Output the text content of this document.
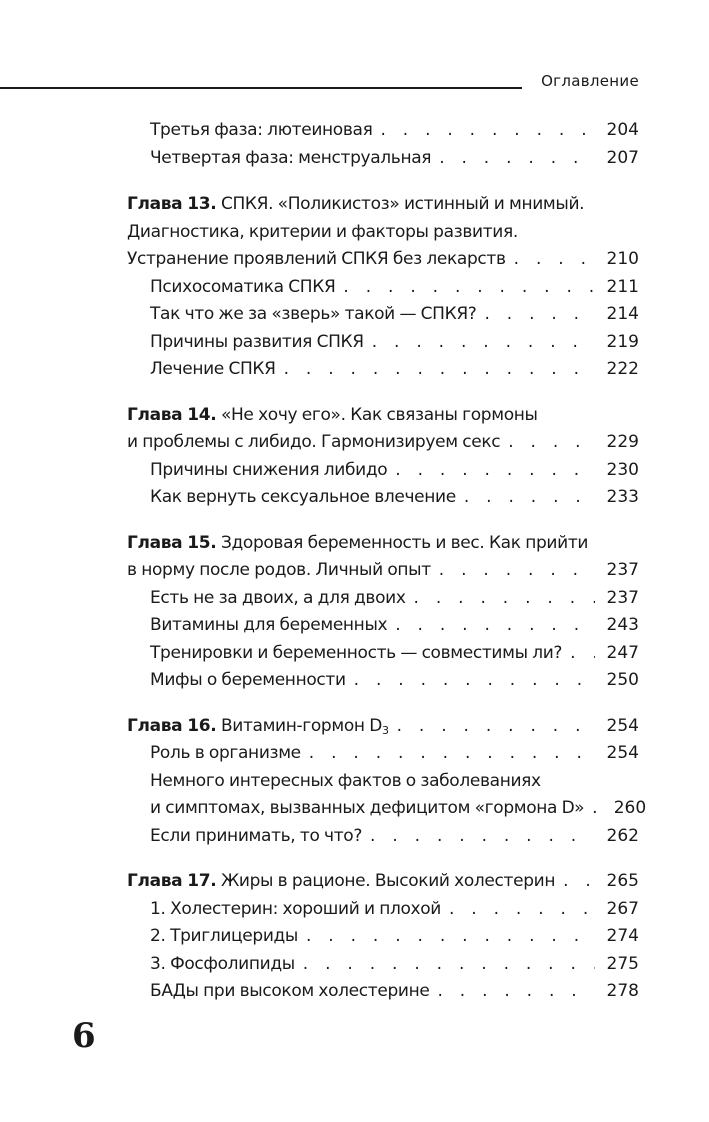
Оглавление
Третья фаза: лютеиновая . . .	204
Четвертая фаза: менструальная . . .	207
Глава 13. СПКЯ. «Поликистоз» истинный и мнимый.
Диагностика, критерии и факторы развития.
Устранение проявлений СПКЯ без лекарств . . .	210
Психосоматика СПКЯ . . .	211
Так что же за «зверь» такой — СПКЯ? . . .	214
Причины развития СПКЯ . . .	219
Лечение СПКЯ . . .	222
Глава 14. «Не хочу его». Как связаны гормоны
и проблемы с либидо. Гармонизируем секс . . .	229
Причины снижения либидо . . .	230
Как вернуть сексуальное влечение . . .	233
Глава 15. Здоровая беременность и вес. Как прийти
в норму после родов. Личный опыт . . .	237
Есть не за двоих, а для двоих . . .	237
Витамины для беременных . . .	243
Тренировки и беременность — совместимы ли? . . .	247
Мифы о беременности . . .	250
Глава 16. Витамин-гормон $D_3$ . . .	254
Роль в организме . . .	254
Немного интересных фактов о заболеваниях
и симптомах, вызванных дефицитом «гормона D» . . .	260
Если принимать, то что? . . .	262
Глава 17. Жиры в рационе. Высокий холестерин . . .	265
1. Холестерин: хороший и плохой . . .	267
2. Триглицериды . . .	274
3. Фосфолипиды . . .	275
БАДы при высоком холестерине . . .	278
6
